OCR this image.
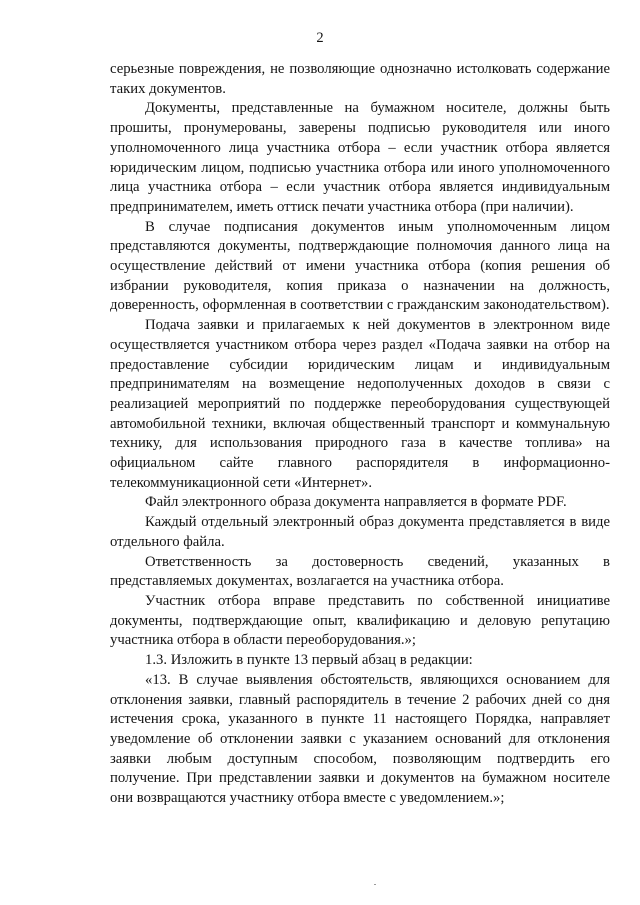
2

серьезные повреждения, не позволяющие однозначно истолковать содержание таких документов.

Документы, представленные на бумажном носителе, должны быть прошиты, пронумерованы, заверены подписью руководителя или иного уполномоченного лица участника отбора – если участник отбора является юридическим лицом, подписью участника отбора или иного уполномоченного лица участника отбора – если участник отбора является индивидуальным предпринимателем, иметь оттиск печати участника отбора (при наличии).

В случае подписания документов иным уполномоченным лицом представляются документы, подтверждающие полномочия данного лица на осуществление действий от имени участника отбора (копия решения об избрании руководителя, копия приказа о назначении на должность, доверенность, оформленная в соответствии с гражданским законодательством).

Подача заявки и прилагаемых к ней документов в электронном виде осуществляется участником отбора через раздел «Подача заявки на отбор на предоставление субсидии юридическим лицам и индивидуальным предпринимателям на возмещение недополученных доходов в связи с реализацией мероприятий по поддержке переоборудования существующей автомобильной техники, включая общественный транспорт и коммунальную технику, для использования природного газа в качестве топлива» на официальном сайте главного распорядителя в информационно-телекоммуникационной сети «Интернет».

Файл электронного образа документа направляется в формате PDF.

Каждый отдельный электронный образ документа представляется в виде отдельного файла.

Ответственность за достоверность сведений, указанных в представляемых документах, возлагается на участника отбора.

Участник отбора вправе представить по собственной инициативе документы, подтверждающие опыт, квалификацию и деловую репутацию участника отбора в области переоборудования.»;

1.3. Изложить в пункте 13 первый абзац в редакции:

«13. В случае выявления обстоятельств, являющихся основанием для отклонения заявки, главный распорядитель в течение 2 рабочих дней со дня истечения срока, указанного в пункте 11 настоящего Порядка, направляет уведомление об отклонении заявки с указанием оснований для отклонения заявки любым доступным способом, позволяющим подтвердить его получение. При представлении заявки и документов на бумажном носителе они возвращаются участнику отбора вместе с уведомлением.»;
